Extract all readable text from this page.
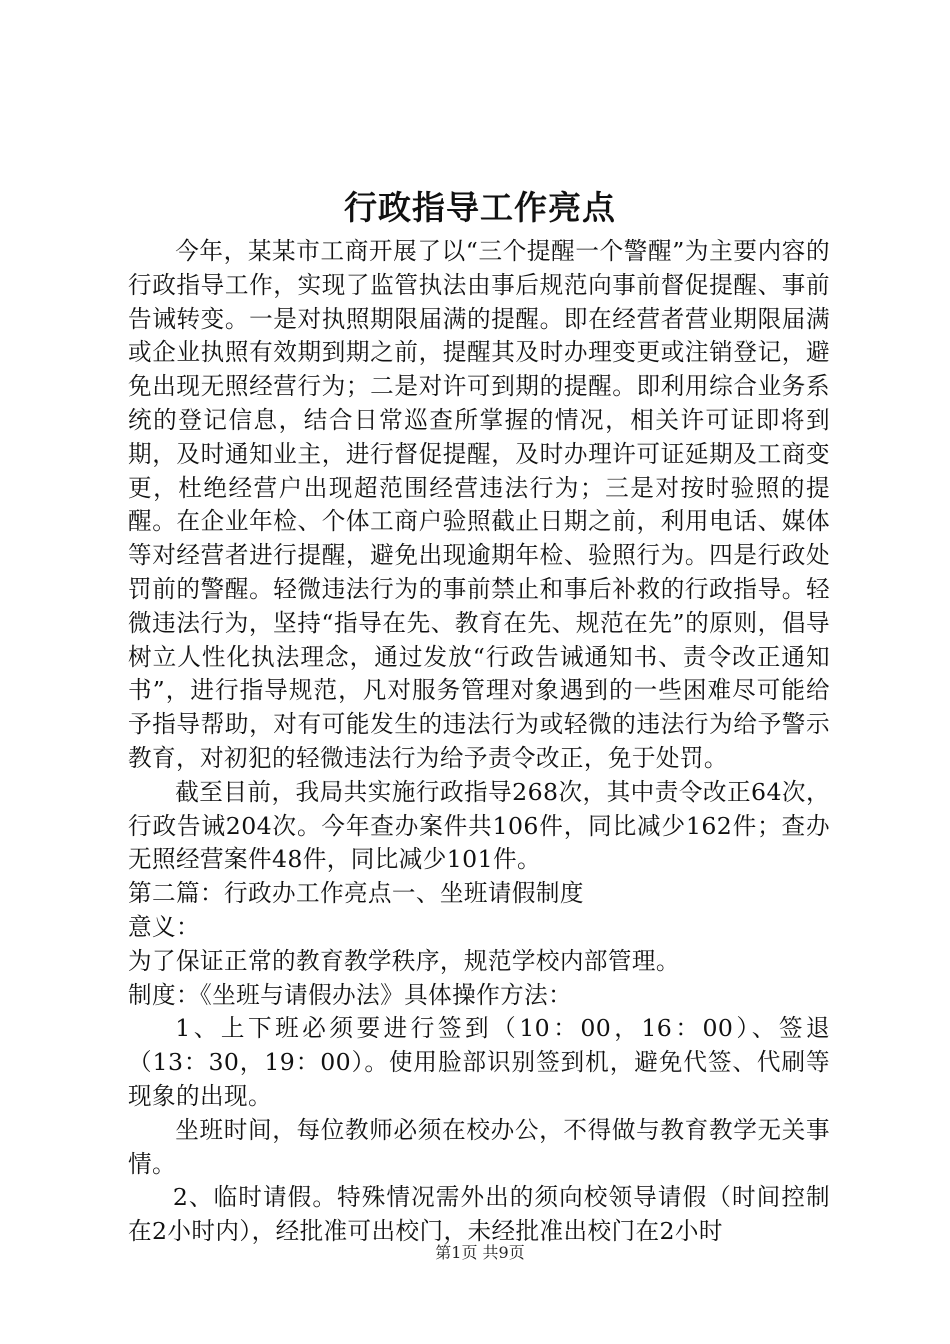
行政指导工作亮点

今年，某某市工商开展了以“三个提醒一个警醒”为主要内容的行政指导工作，实现了监管执法由事后规范向事前督促提醒、事前告诫转变。一是对执照期限届满的提醒。即在经营者营业期限届满或企业执照有效期到期之前，提醒其及时办理变更或注销登记，避免出现无照经营行为；二是对许可到期的提醒。即利用综合业务系统的登记信息，结合日常巡查所掌握的情况，相关许可证即将到期，及时通知业主，进行督促提醒，及时办理许可证延期及工商变更，杜绝经营户出现超范围经营违法行为；三是对按时验照的提醒。在企业年检、个体工商户验照截止日期之前，利用电话、媒体等对经营者进行提醒，避免出现逾期年检、验照行为。四是行政处罚前的警醒。轻微违法行为的事前禁止和事后补救的行政指导。轻微违法行为，坚持“指导在先、教育在先、规范在先”的原则，倡导树立人性化执法理念，通过发放“行政告诫通知书、责令改正通知书”，进行指导规范，凡对服务管理对象遇到的一些困难尽可能给予指导帮助，对有可能发生的违法行为或轻微的违法行为给予警示教育，对初犯的轻微违法行为给予责令改正，免于处罚。

截至目前，我局共实施行政指导268次，其中责令改正64次，行政告诫204次。今年查办案件共106件，同比减少162件；查办无照经营案件48件，同比减少101件。

第二篇：行政办工作亮点一、坐班请假制度

意义：

为了保证正常的教育教学秩序，规范学校内部管理。

制度：《坐班与请假办法》具体操作方法：

1、上下班必须要进行签到（10：00，16：00）、签退（13：30，19：00）。使用脸部识别签到机，避免代签、代刷等现象的出现。

坐班时间，每位教师必须在校办公，不得做与教育教学无关事情。

2、临时请假。特殊情况需外出的须向校领导请假（时间控制在2小时内），经批准可出校门，未经批准出校门在2小时

第1页 共9页
